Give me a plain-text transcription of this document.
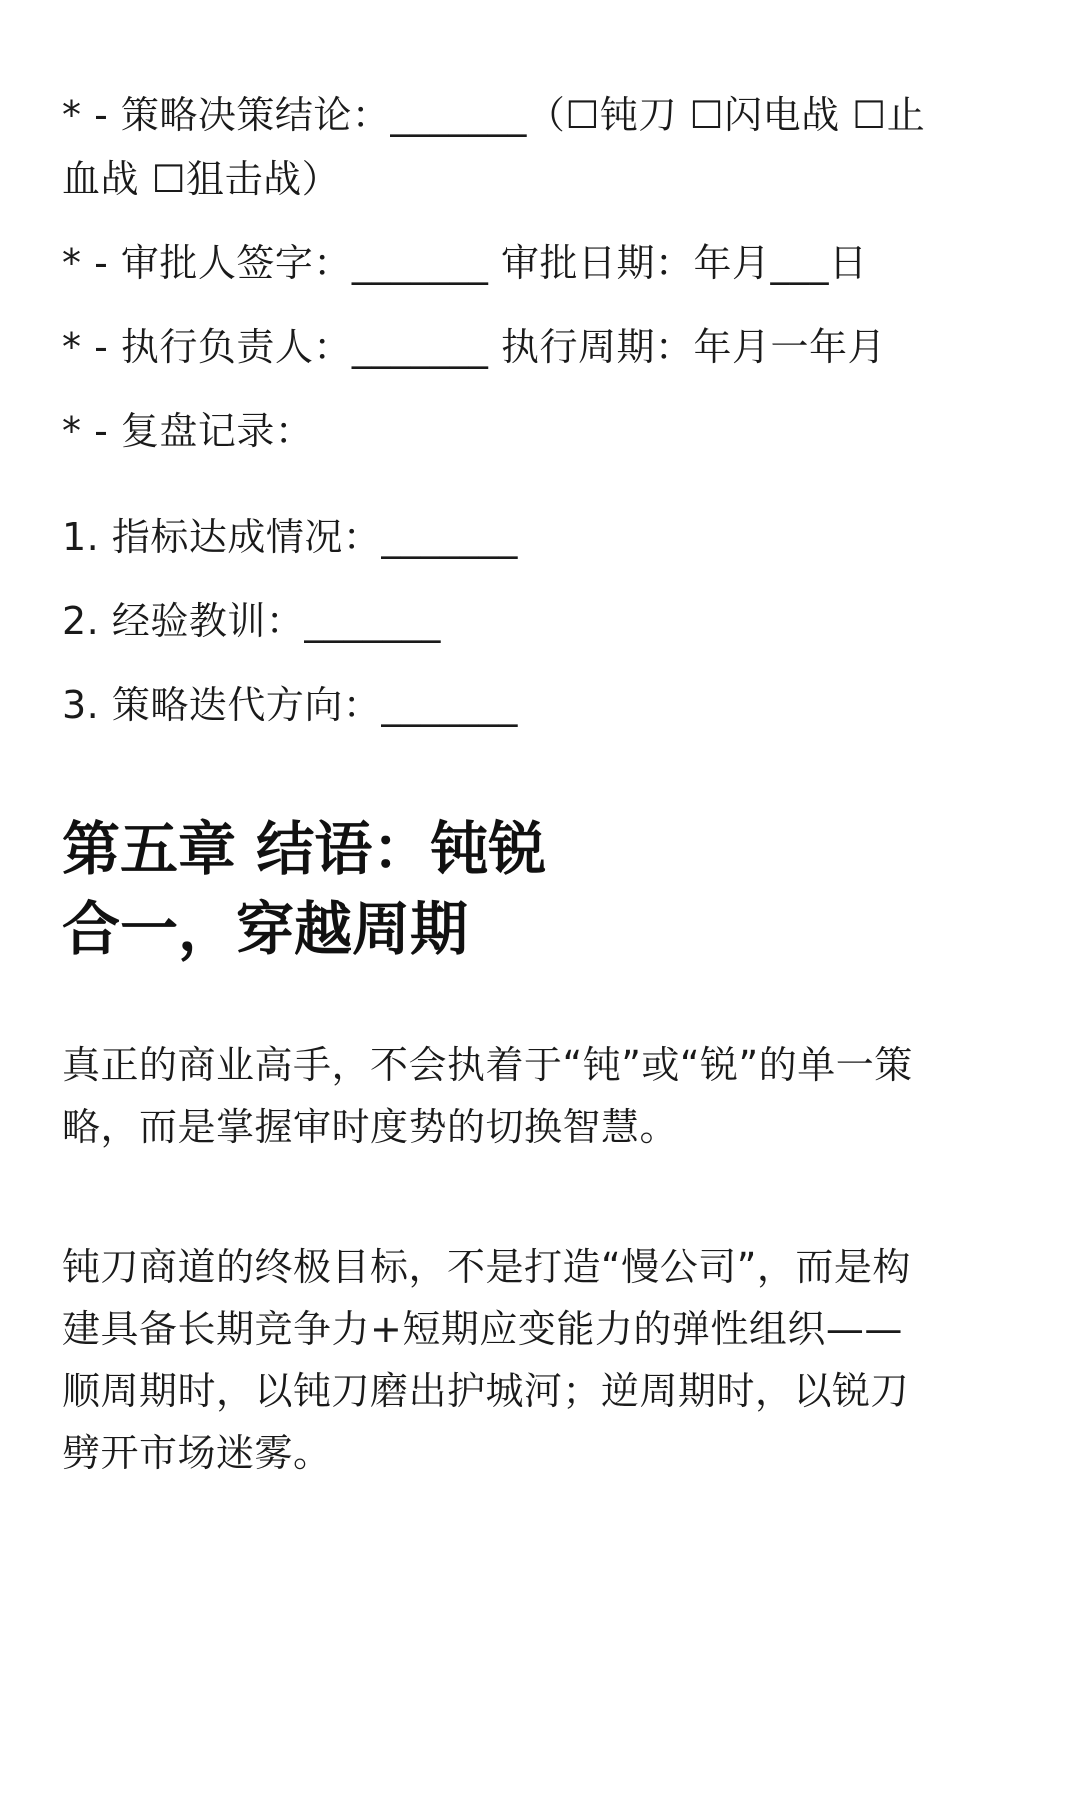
* - 策略决策结论：_______（☐钝刀 ☐闪电战 ☐止
血战 ☐狙击战）
* - 审批人签字：_______ 审批日期：年月___日
* - 执行负责人：_______ 执行周期：年月一年月
* - 复盘记录：
1. 指标达成情况：_______
2. 经验教训：_______
3. 策略迭代方向：_______
第五章 结语：钝锐
合一，穿越周期
真正的商业高手，不会执着于“钝”或“锐”的单一策
略，而是掌握审时度势的切换智慧。
钝刀商道的终极目标，不是打造“慢公司”，而是构
建具备长期竞争力+短期应变能力的弹性组织——
顺周期时，以钝刀磨出护城河；逆周期时，以锐刀
劈开市场迷雾。
